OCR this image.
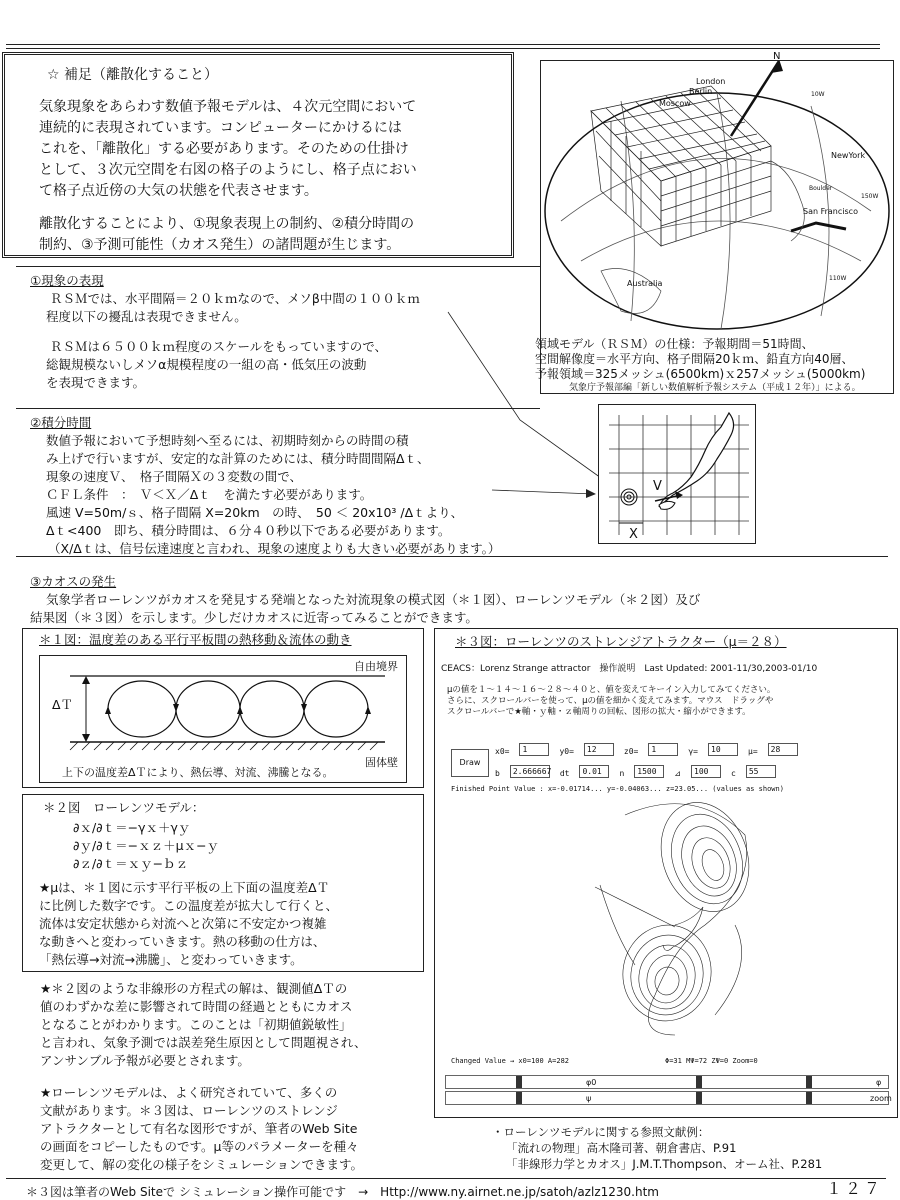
☆ 補足（離散化すること）
気象現象をあらわす数値予報モデルは、４次元空間において
連続的に表現されています。コンピューターにかけるには
これを、「離散化」する必要があります。そのための仕掛け
として、３次元空間を右図の格子のようにし、格子点におい
て格子点近傍の大気の状態を代表させます。
離散化することにより、①現象表現上の制約、②積分時間の
制約、③予測可能性（カオス発生）の諸問題が生じます。
N
London
Berlin
Moscow
NewYork
Boulder
San Francisco
Australia
10W
150W
110W
領域モデル（ＲＳＭ）の仕様：予報期間＝51時間、
空間解像度＝水平方向、格子間隔20ｋｍ、鉛直方向40層、
予報領域＝325メッシュ(6500km)ｘ257メッシュ(5000km)
気象庁予報部編「新しい数値解析予報システム（平成１２年）」による。
①現象の表現
ＲＳＭでは、水平間隔＝２０ｋｍなので、メソβ中間の１００ｋｍ
程度以下の擾乱は表現できません。
ＲＳＭは６５００ｋｍ程度のスケールをもっていますので、
総観規模ないしメソα規模程度の一組の高・低気圧の波動
を表現できます。
②積分時間
数値予報において予想時刻へ至るには、初期時刻からの時間の積
み上げで行いますが、安定的な計算のためには、積分時間間隔Δｔ、
現象の速度Ｖ、　格子間隔Ｘの３変数の間で、
ＣＦＬ条件　：　Ｖ＜Ｘ／Δｔ　を満たす必要があります。
風速 V=50m/ｓ、格子間隔 X=20km　の時、　50 ＜ 20x10³ /Δｔより、
Δｔ<400　即ち、積分時間は、６分４０秒以下である必要があります。
（X/Δｔは、信号伝達速度と言われ、現象の速度よりも大きい必要があります。）
V
X
③カオスの発生
気象学者ローレンツがカオスを発見する発端となった対流現象の模式図（＊１図）、ローレンツモデル（＊２図）及び
結果図（＊３図）を示します。少しだけカオスに近寄ってみることができます。
＊１図：温度差のある平行平板間の熱移動＆流体の動き
自由境界
ΔＴ
固体壁
上下の温度差ΔＴにより、熱伝導、対流、沸騰となる。
＊２図　ローレンツモデル：
∂ｘ/∂ｔ＝−γｘ＋γｙ
∂ｙ/∂ｔ＝−ｘｚ＋μｘ−ｙ
∂ｚ/∂ｔ＝ｘｙ−ｂｚ
★μは、＊１図に示す平行平板の上下面の温度差ΔＴ
に比例した数字です。この温度差が拡大して行くと、
流体は安定状態から対流へと次第に不安定かつ複雑
な動きへと変わっていきます。熱の移動の仕方は、
「熱伝導→対流→沸騰」、と変わっていきます。
★＊２図のような非線形の方程式の解は、観測値ΔＴの
値のわずかな差に影響されて時間の経過とともにカオス
となることがわかります。このことは「初期値鋭敏性」
と言われ、気象予測では誤差発生原因として問題視され、
アンサンブル予報が必要とされます。
★ローレンツモデルは、よく研究されていて、多くの
文献があります。＊３図は、ローレンツのストレンジ
アトラクターとして有名な図形ですが、筆者のWeb Site
の画面をコピーしたものです。μ等のパラメーターを種々
変更して、解の変化の様子をシミュレーションできます。
＊３図：ローレンツのストレンジアトラクター（μ＝２８）
CEACS：Lorenz Strange attractor　操作説明　Last Updated: 2001-11/30,2003-01/10
μの値を１〜１４〜１６〜２８〜４０と、値を変えてキーイン入力してみてください。
さらに、スクロールバーを使って、μの値を細かく変えてみます。マウス　ドラッグや
スクロールバーで★軸・ｙ軸・ｚ軸周りの回転、図形の拡大・縮小ができます。
Draw
x0=	1	y0=	12	z0=	1	γ=	10	μ=	28
b	2.666667 dt	0.01	n	1500	⊿	100	c	55
Finished Point Value : x=-0.01714... y=-0.04063... z=23.05... (values as shown)
Changed Value → x0=100 A=282	Φ=31 MΨ=72 ZΨ=0 Zoom=0
φ0	φ
ψ	zoom
・ローレンツモデルに関する参照文献例：
「流れの物理」高木隆司著、朝倉書店、P.91
「非線形力学とカオス」J.M.T.Thompson、オーム社、P.281
＊３図は筆者のWeb Siteで シミュレーション操作可能です　→　Http://www.ny.airnet.ne.jp/satoh/azlz1230.htm	１２７
